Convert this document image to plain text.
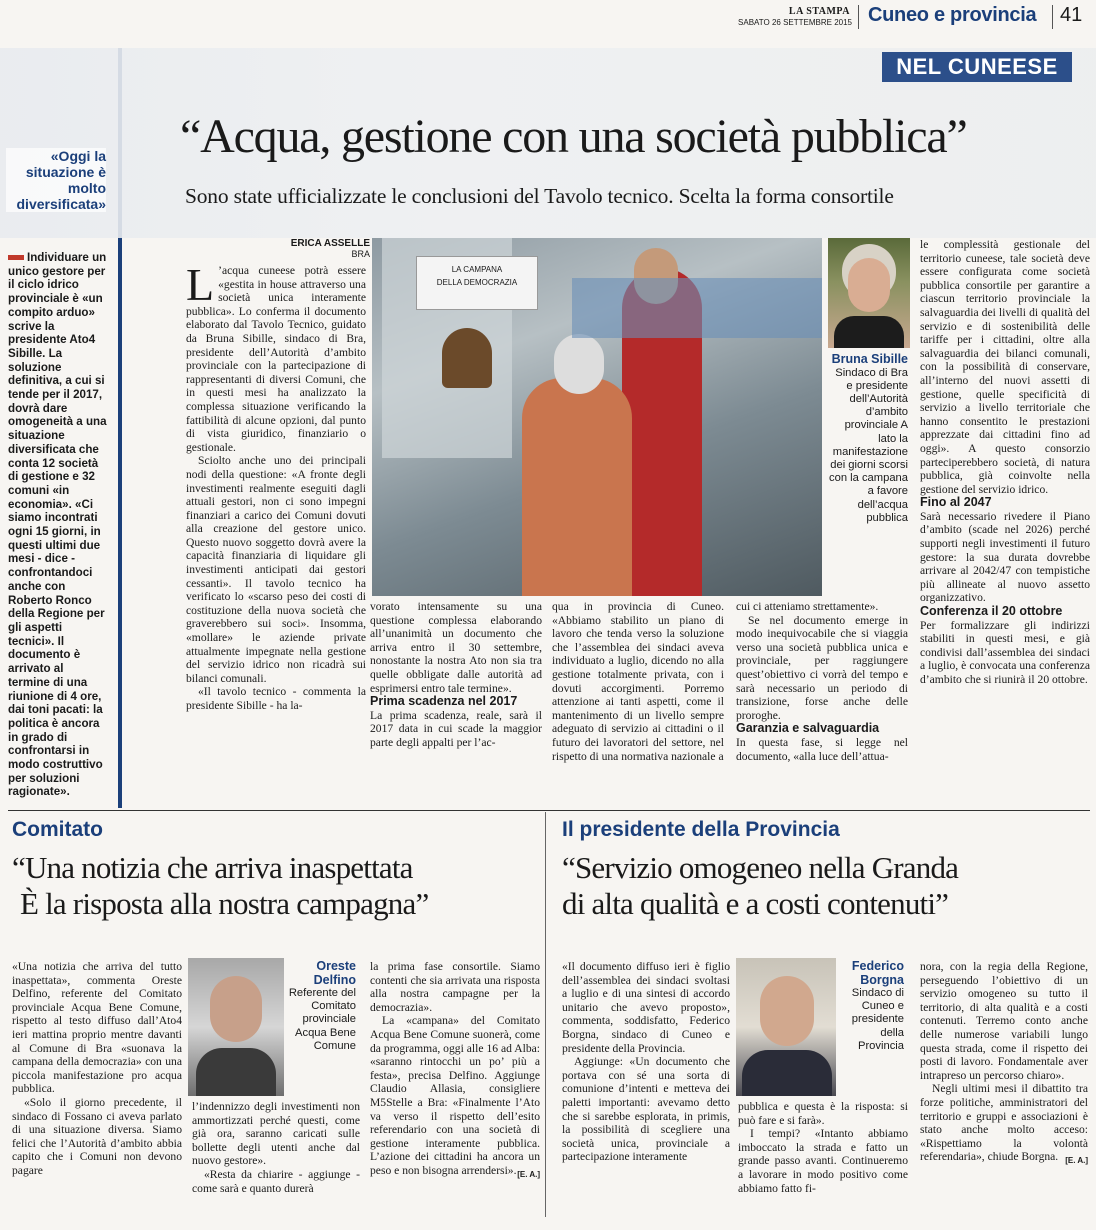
LA STAMPA
SABATO 26 SETTEMBRE 2015 Cuneo e provincia 41
NEL CUNEESE
“Acqua, gestione con una società pubblica”
Sono state ufficializzate le conclusioni del Tavolo tecnico. Scelta la forma consortile
«Oggi la situazione è molto diversificata»
Individuare un unico gestore per il ciclo idrico provinciale è «un compito arduo» scrive la presidente Ato4 Sibille. La soluzione definitiva, a cui si tende per il 2017, dovrà dare omogeneità a una situazione diversificata che conta 12 società di gestione e 32 comuni «in economia». «Ci siamo incontrati ogni 15 giorni, in questi ultimi due mesi - dice - confrontandoci anche con Roberto Ronco della Regione per gli aspetti tecnici». Il documento è arrivato al termine di una riunione di 4 ore, dai toni pacati: la politica è ancora in grado di confrontarsi in modo costruttivo per soluzioni ragionate».
ERICA ASSELLE
BRA

L ’acqua cuneese potrà essere «gestita in house attraverso una società unica interamente pubblica». Lo conferma il documento elaborato dal Tavolo Tecnico, guidato da Bruna Sibille, sindaco di Bra, presidente dell’Autorità d’ambito provinciale con la partecipazione di rappresentanti di diversi Comuni, che in questi mesi ha analizzato la complessa situazione verificando la fattibilità di alcune opzioni, dal punto di vista giuridico, finanziario o gestionale.

Sciolto anche uno dei principali nodi della questione: «A fronte degli investimenti realmente eseguiti dagli attuali gestori, non ci sono impegni finanziari a carico dei Comuni dovuti alla creazione del gestore unico. Questo nuovo soggetto dovrà avere la capacità finanziaria di liquidare gli investimenti anticipati dai gestori cessanti». Il tavolo tecnico ha verificato lo «scarso peso dei costi di costituzione della nuova società che graverebbero sui soci». Insomma, «mollare» le aziende private attualmente impegnate nella gestione del servizio idrico non ricadrà sui bilanci comunali.

«Il tavolo tecnico - commenta la presidente Sibille - ha la-

LA CAMPANA
DELLA DEMOCRAZIA
Bruna Sibille
Sindaco di Bra e presidente dell’Autorità d’ambito provinciale A lato la manifestazione dei giorni scorsi con la campana a favore dell’acqua pubblica

vorato intensamente su una questione complessa elaborando all’unanimità un documento che arriva entro il 30 settembre, nonostante la nostra Ato non sia tra quelle obbligate dalle autorità ad esprimersi entro tale termine».

Prima scadenza nel 2017

La prima scadenza, reale, sarà il 2017 data in cui scade la maggior parte degli appalti per l’ac-

qua in provincia di Cuneo. «Abbiamo stabilito un piano di lavoro che tenda verso la soluzione che l’assemblea dei sindaci aveva individuato a luglio, dicendo no alla gestione totalmente privata, con i dovuti accorgimenti. Porremo attenzione ai tanti aspetti, come il mantenimento di un livello sempre adeguato di servizio ai cittadini o il futuro dei lavoratori del settore, nel rispetto di una normativa nazionale a

cui ci atteniamo strettamente».

Se nel documento emerge in modo inequivocabile che si viaggia verso una società pubblica unica e provinciale, per raggiungere quest’obiettivo ci vorrà del tempo e sarà necessario un periodo di transizione, forse anche delle proroghe.

Garanzia e salvaguardia

In questa fase, si legge nel documento, «alla luce dell’attua-

le complessità gestionale del territorio cuneese, tale società deve essere configurata come società pubblica consortile per garantire a ciascun territorio provinciale la salvaguardia dei livelli di qualità del servizio e di sostenibilità delle tariffe per i cittadini, oltre alla salvaguardia dei bilanci comunali, con la possibilità di conservare, all’interno del nuovi assetti di gestione, quelle specificità di servizio a livello territoriale che hanno consentito le prestazioni apprezzate dai cittadini fino ad oggi». A questo consorzio parteciperebbero società, di natura pubblica, già coinvolte nella gestione del servizio idrico.

Fino al 2047

Sarà necessario rivedere il Piano d’ambito (scade nel 2026) perché supporti negli investimenti il futuro gestore: la sua durata dovrebbe arrivare al 2042/47 con tempistiche più allineate al nuovo assetto organizzativo.

Conferenza il 20 ottobre

Per formalizzare gli indirizzi stabiliti in questi mesi, e già condivisi dall’assemblea dei sindaci a luglio, è convocata una conferenza d’ambito che si riunirà il 20 ottobre.

Comitato
“Una notizia che arriva inaspettata
È la risposta alla nostra campagna”

«Una notizia che arriva del tutto inaspettata», commenta Oreste Delfino, referente del Comitato provinciale Acqua Bene Comune, rispetto al testo diffuso dall’Ato4 ieri mattina proprio mentre davanti al Comune di Bra «suonava la campana della democrazia» con una piccola manifestazione pro acqua pubblica.

«Solo il giorno precedente, il sindaco di Fossano ci aveva parlato di una situazione diversa. Siamo felici che l’Autorità d’ambito abbia capito che i Comuni non devono pagare

Oreste Delfino
Referente del Comitato provinciale Acqua Bene Comune

l’indennizzo degli investimenti non ammortizzati perché questi, come già ora, saranno caricati sulle bollette degli utenti anche dal nuovo gestore».

«Resta da chiarire - aggiunge - come sarà e quanto durerà

la prima fase consortile. Siamo contenti che sia arrivata una risposta alla nostra campagne per la democrazia».

La «campana» del Comitato Acqua Bene Comune suonerà, come da programma, oggi alle 16 ad Alba: «saranno rintocchi un po’ più a festa», precisa Delfino. Aggiunge Claudio Allasia, consigliere M5Stelle a Bra: «Finalmente l’Ato va verso il rispetto dell’esito referendario con una società di gestione interamente pubblica. L’azione dei cittadini ha ancora un peso e non bisogna arrendersi». [E. A.]
Il presidente della Provincia
“Servizio omogeneo nella Granda
di alta qualità e a costi contenuti”

«Il documento diffuso ieri è figlio dell’assemblea dei sindaci svoltasi a luglio e di una sintesi di accordo unitario che avevo proposto», commenta, soddisfatto, Federico Borgna, sindaco di Cuneo e presidente della Provincia.

Aggiunge: «Un documento che portava con sé una sorta di comunione d’intenti e metteva dei paletti importanti: avevamo detto che si sarebbe esplorata, in primis, la possibilità di scegliere una società unica, provinciale a partecipazione interamente

Federico Borgna
Sindaco di Cuneo e presidente della Provincia

pubblica e questa è la risposta: si può fare e si farà».

I tempi? «Intanto abbiamo imboccato la strada e fatto un grande passo avanti. Continueremo a lavorare in modo positivo come abbiamo fatto fi-

nora, con la regia della Regione, perseguendo l’obiettivo di un servizio omogeneo su tutto il territorio, di alta qualità e a costi contenuti. Terremo conto anche delle numerose variabili lungo questa strada, come il rispetto dei posti di lavoro. Fondamentale aver intrapreso un percorso chiaro».

Negli ultimi mesi il dibattito tra forze politiche, amministratori del territorio e gruppi e associazioni è stato anche molto acceso: «Rispettiamo la volontà referendaria», chiude Borgna. [E. A.]
